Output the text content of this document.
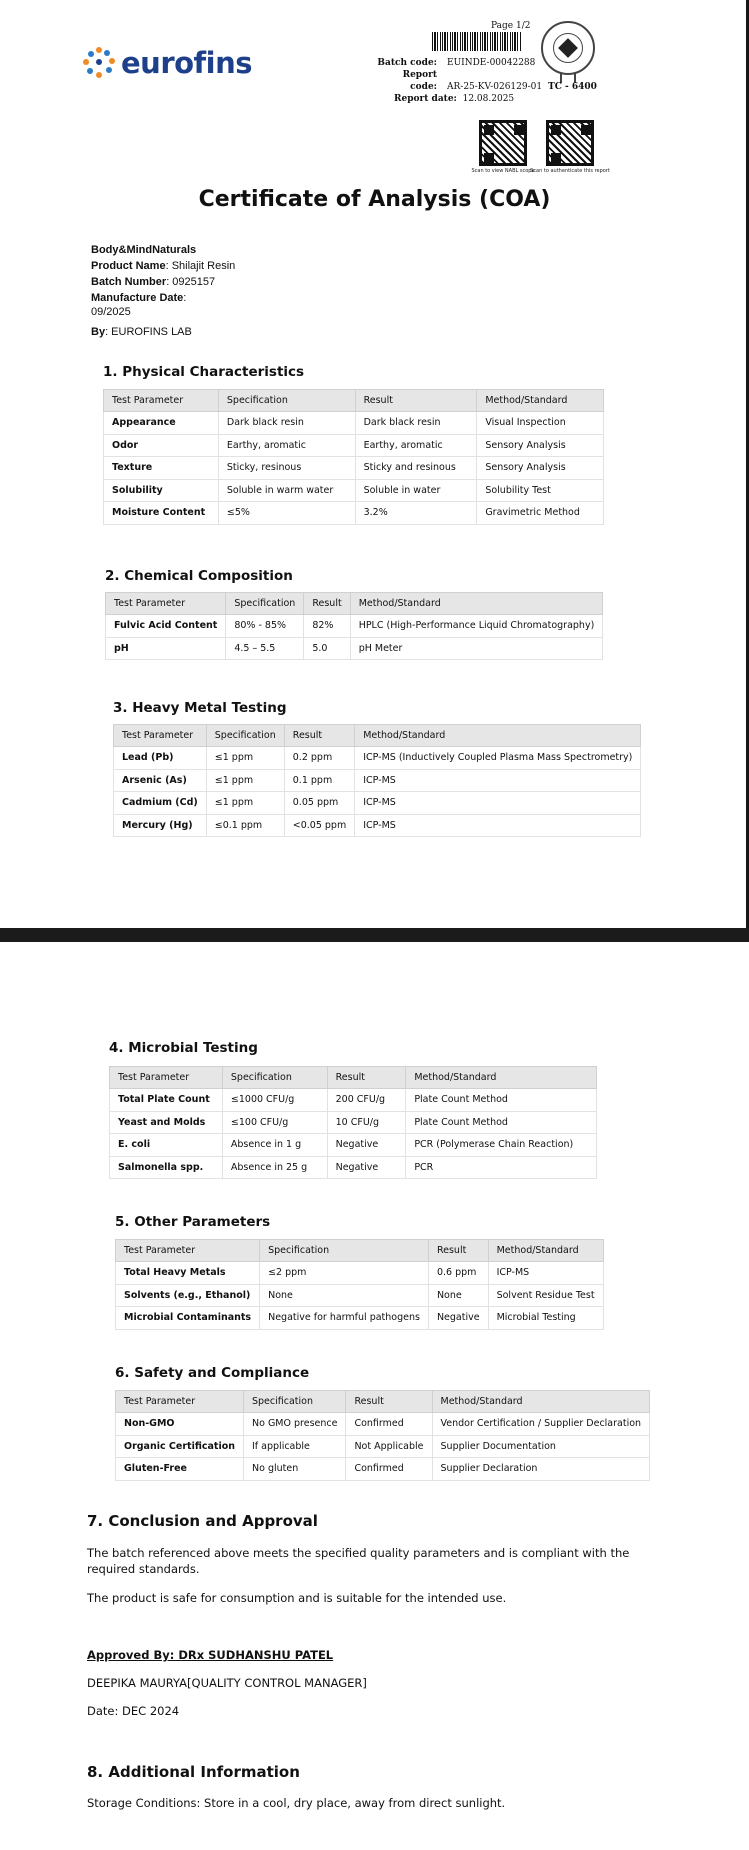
eurofins
Page 1/2
Batch code: EUINDE-00042288
Report code: AR-25-KV-026129-01
Report date: 12.08.2025
TC - 6400
Scan to view NABL scope
Scan to authenticate this report
Certificate of Analysis (COA)
Body&MindNaturals
Product Name: Shilajit Resin
Batch Number: 0925157
Manufacture Date:
09/2025
By: EUROFINS LAB
1. Physical Characteristics
Test Parameter	Specification	Result	Method/Standard
Appearance	Dark black resin	Dark black resin	Visual Inspection
Odor	Earthy, aromatic	Earthy, aromatic	Sensory Analysis
Texture	Sticky, resinous	Sticky and resinous	Sensory Analysis
Solubility	Soluble in warm water	Soluble in water	Solubility Test
Moisture Content	≤5%	3.2%	Gravimetric Method
2. Chemical Composition
Test Parameter	Specification	Result	Method/Standard
Fulvic Acid Content	80% - 85%	82%	HPLC (High-Performance Liquid Chromatography)
pH	4.5 – 5.5	5.0	pH Meter
3. Heavy Metal Testing
Test Parameter	Specification	Result	Method/Standard
Lead (Pb)	≤1 ppm	0.2 ppm	ICP-MS (Inductively Coupled Plasma Mass Spectrometry)
Arsenic (As)	≤1 ppm	0.1 ppm	ICP-MS
Cadmium (Cd)	≤1 ppm	0.05 ppm	ICP-MS
Mercury (Hg)	≤0.1 ppm	<0.05 ppm	ICP-MS
4. Microbial Testing
Test Parameter	Specification	Result	Method/Standard
Total Plate Count	≤1000 CFU/g	200 CFU/g	Plate Count Method
Yeast and Molds	≤100 CFU/g	10 CFU/g	Plate Count Method
E. coli	Absence in 1 g	Negative	PCR (Polymerase Chain Reaction)
Salmonella spp.	Absence in 25 g	Negative	PCR
5. Other Parameters
Test Parameter	Specification	Result	Method/Standard
Total Heavy Metals	≤2 ppm	0.6 ppm	ICP-MS
Solvents (e.g., Ethanol)	None	None	Solvent Residue Test
Microbial Contaminants	Negative for harmful pathogens	Negative	Microbial Testing
6. Safety and Compliance
Test Parameter	Specification	Result	Method/Standard
Non-GMO	No GMO presence	Confirmed	Vendor Certification / Supplier Declaration
Organic Certification	If applicable	Not Applicable	Supplier Documentation
Gluten-Free	No gluten	Confirmed	Supplier Declaration
7. Conclusion and Approval
The batch referenced above meets the specified quality parameters and is compliant with the required standards.
The product is safe for consumption and is suitable for the intended use.
Approved By: DRx SUDHANSHU PATEL
DEEPIKA MAURYA[QUALITY CONTROL MANAGER]
Date: DEC 2024
8. Additional Information
Storage Conditions: Store in a cool, dry place, away from direct sunlight.
